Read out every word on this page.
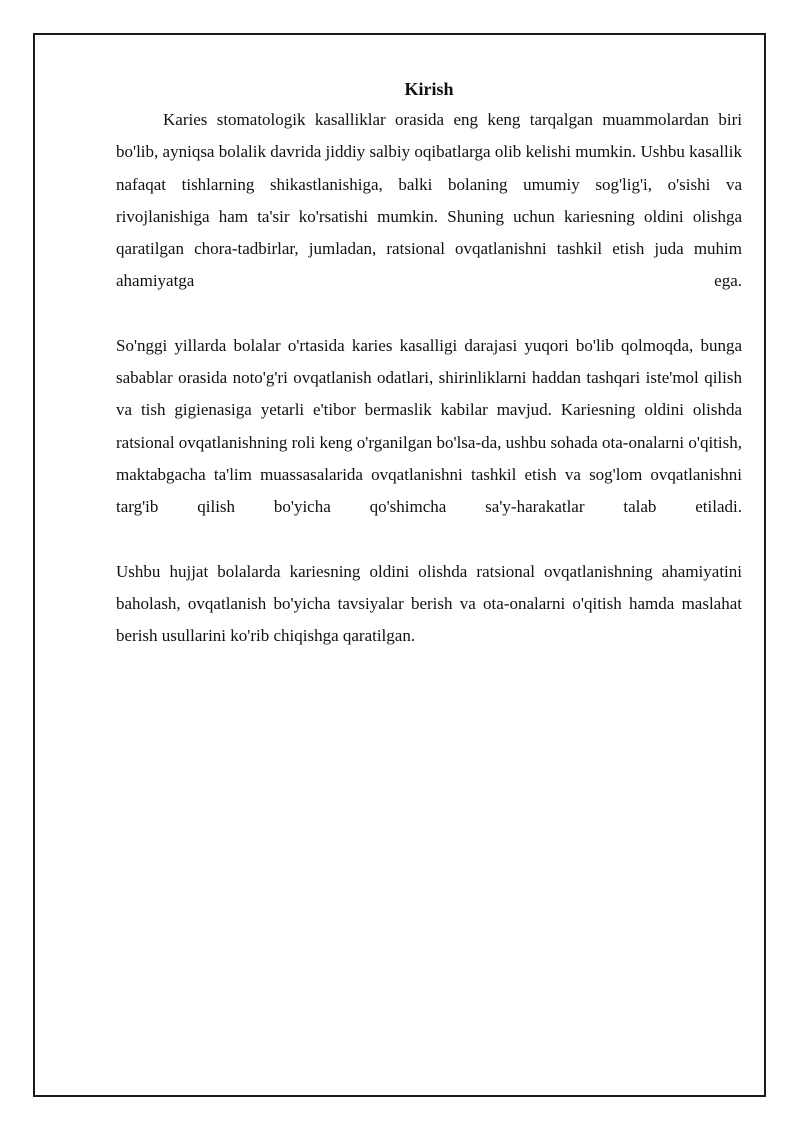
Kirish

Karies stomatologik kasalliklar orasida eng keng tarqalgan muammolardan biri bo'lib, ayniqsa bolalik davrida jiddiy salbiy oqibatlarga olib kelishi mumkin. Ushbu kasallik nafaqat tishlarning shikastlanishiga, balki bolaning umumiy sog'lig'i, o'sishi va rivojlanishiga ham ta'sir ko'rsatishi mumkin. Shuning uchun kariesning oldini olishga qaratilgan chora-tadbirlar, jumladan, ratsional ovqatlanishni tashkil etish juda muhim ahamiyatga ega.

So'nggi yillarda bolalar o'rtasida karies kasalligi darajasi yuqori bo'lib qolmoqda, bunga sabablar orasida noto'g'ri ovqatlanish odatlari, shirinliklarni haddan tashqari iste'mol qilish va tish gigienasiga yetarli e'tibor bermaslik kabilar mavjud. Kariesning oldini olishda ratsional ovqatlanishning roli keng o'rganilgan bo'lsa-da, ushbu sohada ota-onalarni o'qitish, maktabgacha ta'lim muassasalarida ovqatlanishni tashkil etish va sog'lom ovqatlanishni targ'ib qilish bo'yicha qo'shimcha sa'y-harakatlar talab etiladi.

Ushbu hujjat bolalarda kariesning oldini olishda ratsional ovqatlanishning ahamiyatini baholash, ovqatlanish bo'yicha tavsiyalar berish va ota-onalarni o'qitish hamda maslahat berish usullarini ko'rib chiqishga qaratilgan.
